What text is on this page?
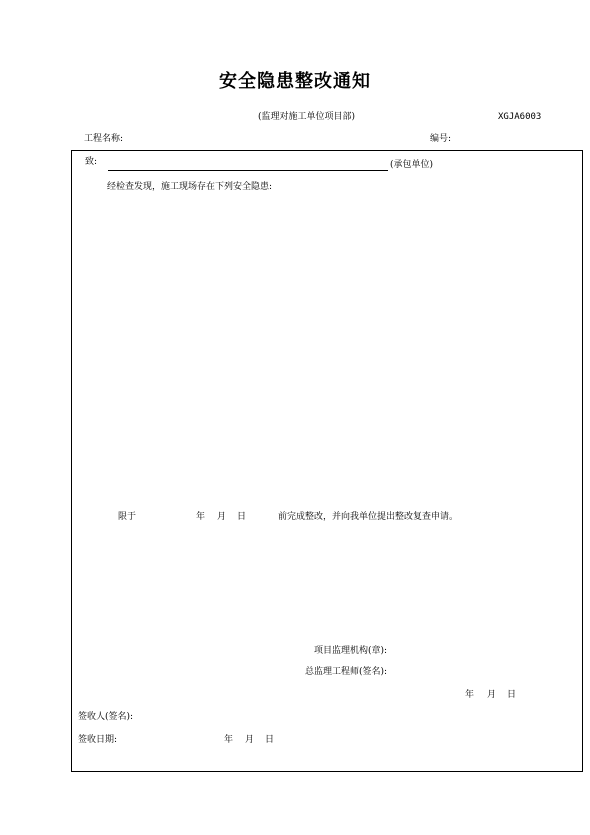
安全隐患整改通知
(监理对施工单位项目部)	XGJA6003
工程名称:	编号:
致:	(承包单位)
经检查发现，施工现场存在下列安全隐患:
限于	年 月 日	前完成整改，并向我单位提出整改复查申请。
项目监理机构(章):
总监理工程师(签名):
年 月 日
签收人(签名):
签收日期:	年 月 日
